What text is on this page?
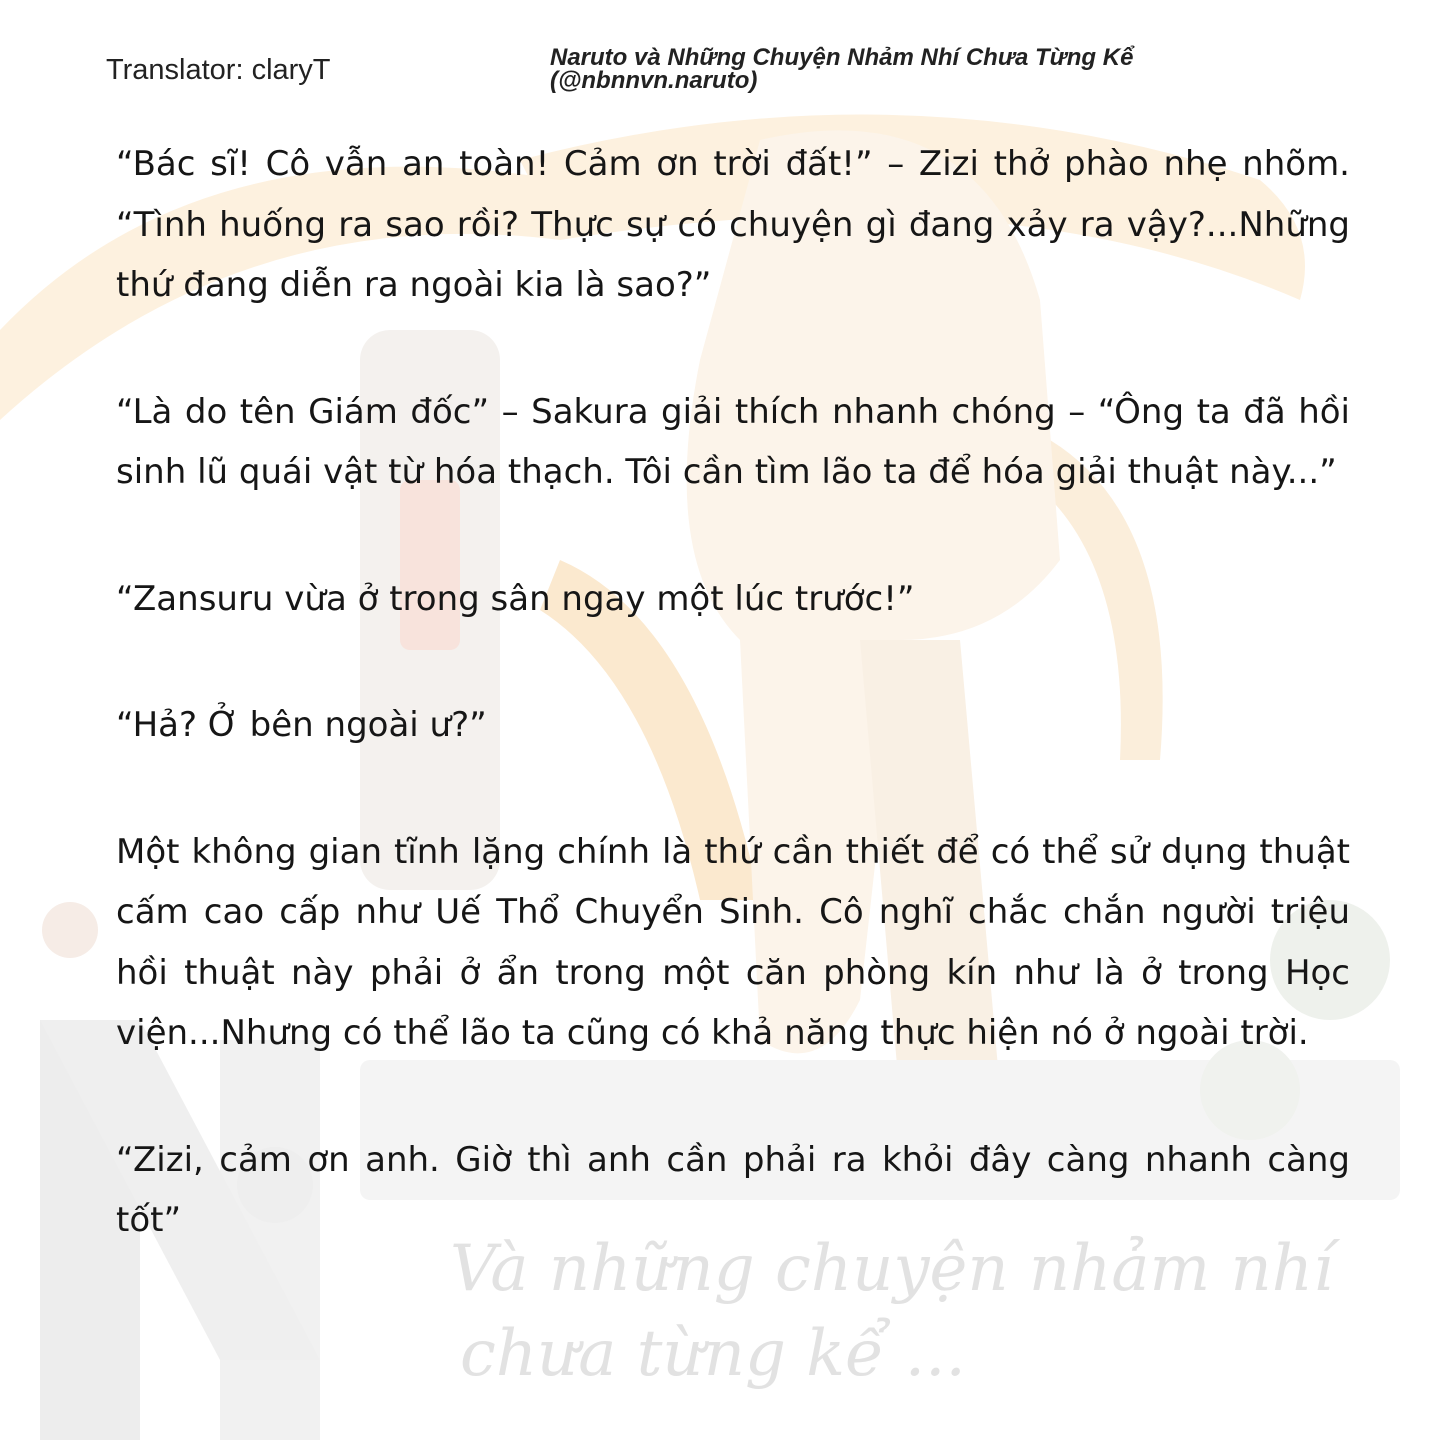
Và những chuyện nhảm nhí
chưa từng kể ...
Translator: claryT	Naruto và Những Chuyện Nhảm Nhí Chưa Từng Kể
(@nbnnvn.naruto)

“Bác sĩ! Cô vẫn an toàn! Cảm ơn trời đất!” – Zizi thở phào nhẹ nhõm. “Tình huống ra sao rồi? Thực sự có chuyện gì đang xảy ra vậy?...Những thứ đang diễn ra ngoài kia là sao?”

“Là do tên Giám đốc” – Sakura giải thích nhanh chóng – “Ông ta đã hồi sinh lũ quái vật từ hóa thạch. Tôi cần tìm lão ta để hóa giải thuật này...”

“Zansuru vừa ở trong sân ngay một lúc trước!”

“Hả? Ở bên ngoài ư?”

Một không gian tĩnh lặng chính là thứ cần thiết để có thể sử dụng thuật cấm cao cấp như Uế Thổ Chuyển Sinh. Cô nghĩ chắc chắn người triệu hồi thuật này phải ở ẩn trong một căn phòng kín như là ở trong Học viện...Nhưng có thể lão ta cũng có khả năng thực hiện nó ở ngoài trời.

“Zizi, cảm ơn anh. Giờ thì anh cần phải ra khỏi đây càng nhanh càng tốt”
